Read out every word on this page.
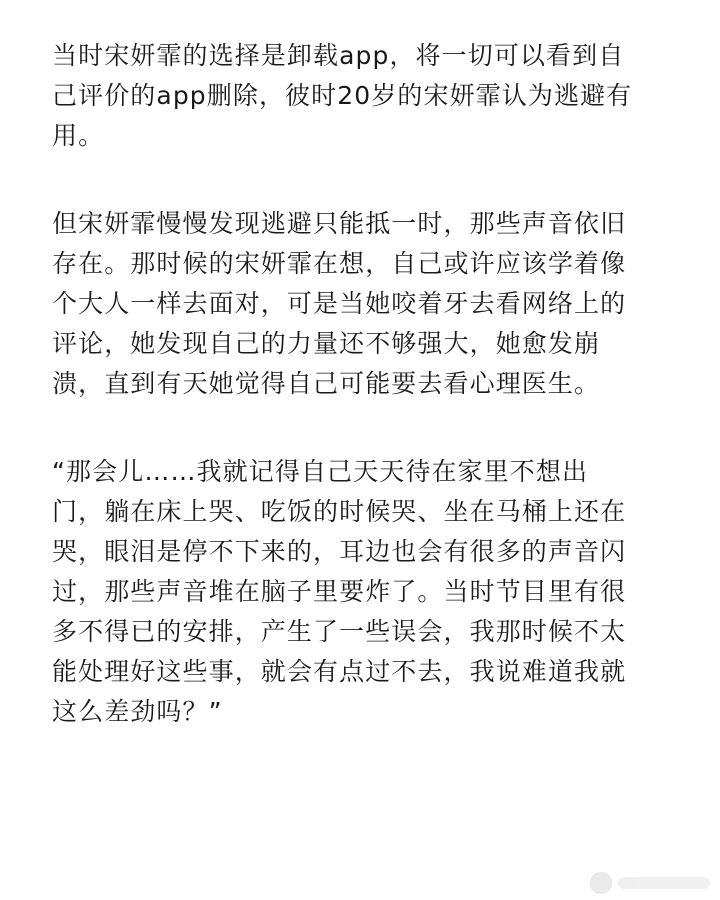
当时宋妍霏的选择是卸载app，将一切可以看到自
己评价的app删除，彼时20岁的宋妍霏认为逃避有
用。

但宋妍霏慢慢发现逃避只能抵一时，那些声音依旧
存在。那时候的宋妍霏在想，自己或许应该学着像
个大人一样去面对，可是当她咬着牙去看网络上的
评论，她发现自己的力量还不够强大，她愈发崩
溃，直到有天她觉得自己可能要去看心理医生。

“那会儿……我就记得自己天天待在家里不想出
门，躺在床上哭、吃饭的时候哭、坐在马桶上还在
哭，眼泪是停不下来的，耳边也会有很多的声音闪
过，那些声音堆在脑子里要炸了。当时节目里有很
多不得已的安排，产生了一些误会，我那时候不太
能处理好这些事，就会有点过不去，我说难道我就
这么差劲吗？”
